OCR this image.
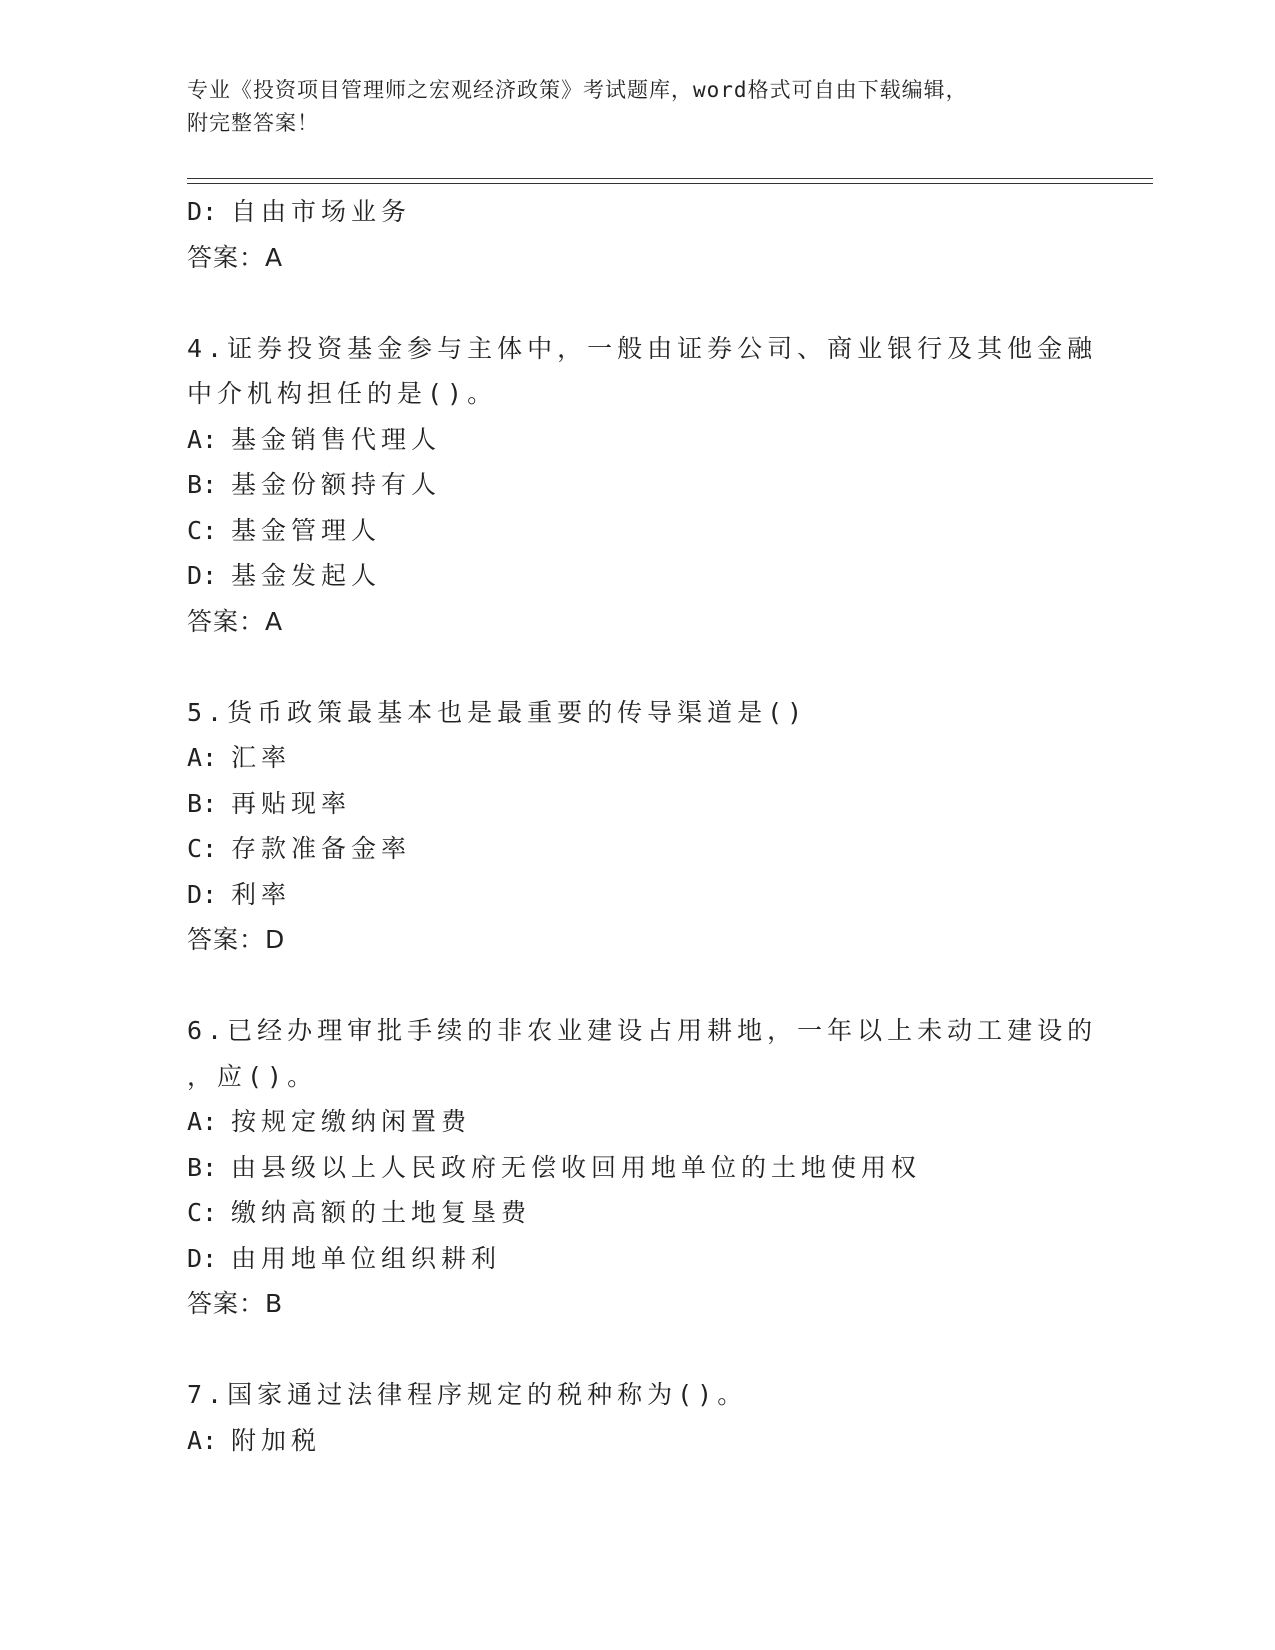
专业《投资项目管理师之宏观经济政策》考试题库，word格式可自由下载编辑，
附完整答案！
D: 自由市场业务
答案：A
4.证券投资基金参与主体中，一般由证券公司、商业银行及其他金融
中介机构担任的是()。
A: 基金销售代理人
B: 基金份额持有人
C: 基金管理人
D: 基金发起人
答案：A
5.货币政策最基本也是最重要的传导渠道是()
A: 汇率
B: 再贴现率
C: 存款准备金率
D: 利率
答案：D
6.已经办理审批手续的非农业建设占用耕地，一年以上未动工建设的
，应()。
A: 按规定缴纳闲置费
B: 由县级以上人民政府无偿收回用地单位的土地使用权
C: 缴纳高额的土地复垦费
D: 由用地单位组织耕利
答案：B
7.国家通过法律程序规定的税种称为()。
A: 附加税
